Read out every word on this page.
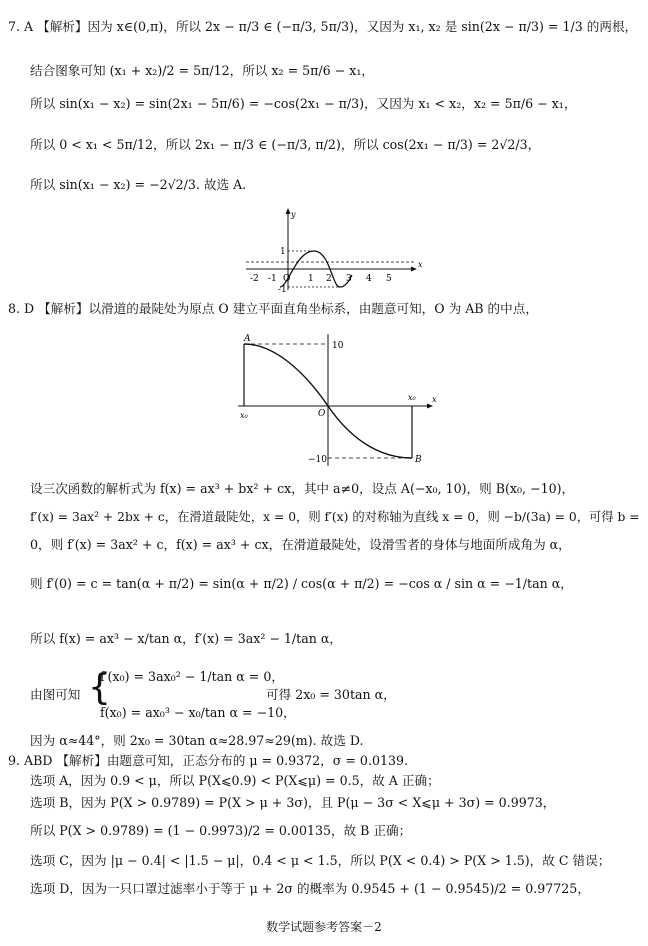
7. A 【解析】因为 x∈(0,π)，所以 2x − π/3 ∈ (−π/3, 5π/3)，又因为 x₁, x₂ 是 sin(2x − π/3) = 1/3 的两根，
结合图象可知 (x₁ + x₂)/2 = 5π/12，所以 x₂ = 5π/6 − x₁，
所以 sin(x₁ − x₂) = sin(2x₁ − 5π/6) = −cos(2x₁ − π/3)，又因为 x₁ < x₂，x₂ = 5π/6 − x₁，
所以 0 < x₁ < 5π/12，所以 2x₁ − π/3 ∈ (−π/3, π/2)，所以 cos(2x₁ − π/3) = 2√2/3，
所以 sin(x₁ − x₂) = −2√2/3. 故选 A.
y
x
1
-1
-2 -1 O 1 2 3 4 5
8. D 【解析】以滑道的最陡处为原点 O 建立平面直角坐标系，由题意可知，O 为 AB 的中点，
A
B
O
10
−10
x₀
x₀ x
设三次函数的解析式为 f(x) = ax³ + bx² + cx，其中 a≠0，设点 A(−x₀, 10)，则 B(x₀, −10)，
f′(x) = 3ax² + 2bx + c，在滑道最陡处，x = 0，则 f′(x) 的对称轴为直线 x = 0，则 −b/(3a) = 0，可得 b =
0，则 f′(x) = 3ax² + c，f(x) = ax³ + cx，在滑道最陡处，设滑雪者的身体与地面所成角为 α，
则 f′(0) = c = tan(α + π/2) = sin(α + π/2) / cos(α + π/2) = −cos α / sin α = −1/tan α，
所以 f(x) = ax³ − x/tan α，f′(x) = 3ax² − 1/tan α，
由图可知 {
f′(x₀) = 3ax₀² − 1/tan α = 0，
f(x₀) = ax₀³ − x₀/tan α = −10，
可得 2x₀ = 30tan α，
因为 α≈44°，则 2x₀ = 30tan α≈28.97≈29(m). 故选 D.
9. ABD 【解析】由题意可知，正态分布的 μ = 0.9372，σ = 0.0139.
选项 A，因为 0.9 < μ，所以 P(X⩽0.9) < P(X⩽μ) = 0.5，故 A 正确；
选项 B，因为 P(X > 0.9789) = P(X > μ + 3σ)，且 P(μ − 3σ < X⩽μ + 3σ) = 0.9973，
所以 P(X > 0.9789) = (1 − 0.9973)/2 = 0.00135，故 B 正确；
选项 C，因为 |μ − 0.4| < |1.5 − μ|，0.4 < μ < 1.5，所以 P(X < 0.4) > P(X > 1.5)，故 C 错误；
选项 D，因为一只口罩过滤率小于等于 μ + 2σ 的概率为 0.9545 + (1 − 0.9545)/2 = 0.97725，
数学试题参考答案－2
